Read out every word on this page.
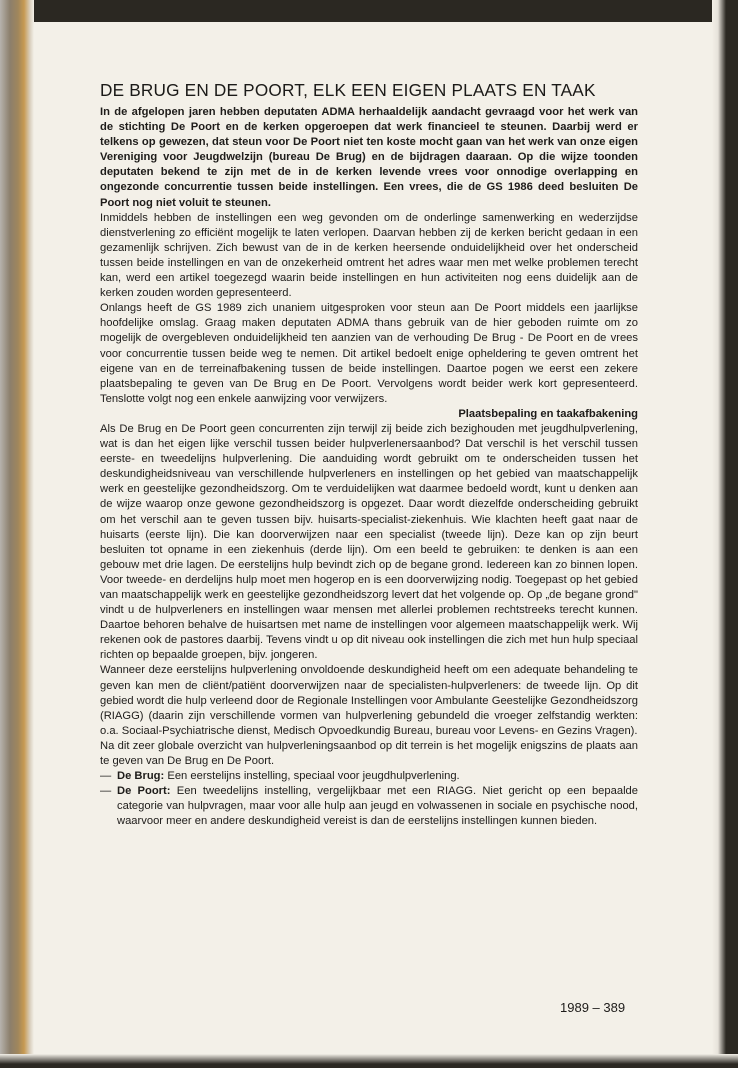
DE BRUG EN DE POORT, ELK EEN EIGEN PLAATS EN TAAK

In de afgelopen jaren hebben deputaten ADMA herhaaldelijk aandacht gevraagd voor het werk van de stichting De Poort en de kerken opgeroepen dat werk financieel te steunen. Daarbij werd er telkens op gewezen, dat steun voor De Poort niet ten koste mocht gaan van het werk van onze eigen Vereniging voor Jeugdwelzijn (bureau De Brug) en de bijdragen daaraan. Op die wijze toonden deputaten bekend te zijn met de in de kerken levende vrees voor onnodige overlapping en ongezonde concurrentie tussen beide instellingen. Een vrees, die de GS 1986 deed besluiten De Poort nog niet voluit te steunen.

Inmiddels hebben de instellingen een weg gevonden om de onderlinge samenwerking en wederzijdse dienstverlening zo efficiënt mogelijk te laten verlopen. Daarvan hebben zij de kerken bericht gedaan in een gezamenlijk schrijven. Zich bewust van de in de kerken heersende onduidelijkheid over het onderscheid tussen beide instellingen en van de onzekerheid omtrent het adres waar men met welke problemen terecht kan, werd een artikel toegezegd waarin beide instellingen en hun activiteiten nog eens duidelijk aan de kerken zouden worden gepresenteerd.

Onlangs heeft de GS 1989 zich unaniem uitgesproken voor steun aan De Poort middels een jaarlijkse hoofdelijke omslag. Graag maken deputaten ADMA thans gebruik van de hier geboden ruimte om zo mogelijk de overgebleven onduidelijkheid ten aanzien van de verhouding De Brug - De Poort en de vrees voor concurrentie tussen beide weg te nemen. Dit artikel bedoelt enige opheldering te geven omtrent het eigene van en de terreinafbakening tussen de beide instellingen. Daartoe pogen we eerst een zekere plaatsbepaling te geven van De Brug en De Poort. Vervolgens wordt beider werk kort gepresenteerd. Tenslotte volgt nog een enkele aanwijzing voor verwijzers.

Plaatsbepaling en taakafbakening

Als De Brug en De Poort geen concurrenten zijn terwijl zij beide zich bezighouden met jeugdhulpverlening, wat is dan het eigen lijke verschil tussen beider hulpverlenersaanbod? Dat verschil is het verschil tussen eerste- en tweedelijns hulpverlening. Die aanduiding wordt gebruikt om te onderscheiden tussen het deskundigheidsniveau van verschillende hulpverleners en instellingen op het gebied van maatschappelijk werk en geestelijke gezondheidszorg. Om te verduidelijken wat daarmee bedoeld wordt, kunt u denken aan de wijze waarop onze gewone gezondheidszorg is opgezet. Daar wordt diezelfde onderscheiding gebruikt om het verschil aan te geven tussen bijv. huisarts-specialist-ziekenhuis. Wie klachten heeft gaat naar de huisarts (eerste lijn). Die kan doorverwijzen naar een specialist (tweede lijn). Deze kan op zijn beurt besluiten tot opname in een ziekenhuis (derde lijn). Om een beeld te gebruiken: te denken is aan een gebouw met drie lagen. De eerstelijns hulp bevindt zich op de begane grond. Iedereen kan zo binnen lopen. Voor tweede- en derdelijns hulp moet men hogerop en is een doorverwijzing nodig. Toegepast op het gebied van maatschappelijk werk en geestelijke gezondheidszorg levert dat het volgende op. Op „de begane grond" vindt u de hulpverleners en instellingen waar mensen met allerlei problemen rechtstreeks terecht kunnen. Daartoe behoren behalve de huisartsen met name de instellingen voor algemeen maatschappelijk werk. Wij rekenen ook de pastores daarbij. Tevens vindt u op dit niveau ook instellingen die zich met hun hulp speciaal richten op bepaalde groepen, bijv. jongeren.

Wanneer deze eerstelijns hulpverlening onvoldoende deskundigheid heeft om een adequate behandeling te geven kan men de cliënt/patiënt doorverwijzen naar de specialisten-hulpverleners: de tweede lijn. Op dit gebied wordt die hulp verleend door de Regionale Instellingen voor Ambulante Geestelijke Gezondheidszorg (RIAGG) (daarin zijn verschillende vormen van hulpverlening gebundeld die vroeger zelfstandig werkten: o.a. Sociaal-Psychiatrische dienst, Medisch Opvoedkundig Bureau, bureau voor Levens- en Gezins Vragen).

Na dit zeer globale overzicht van hulpverleningsaanbod op dit terrein is het mogelijk enigszins de plaats aan te geven van De Brug en De Poort.

— De Brug: Een eerstelijns instelling, speciaal voor jeugdhulpverlening.
— De Poort: Een tweedelijns instelling, vergelijkbaar met een RIAGG. Niet gericht op een bepaalde categorie van hulpvragen, maar voor alle hulp aan jeugd en volwassenen in sociale en psychische nood, waarvoor meer en andere deskundigheid vereist is dan de eerstelijns instellingen kunnen bieden.
1989 – 389
